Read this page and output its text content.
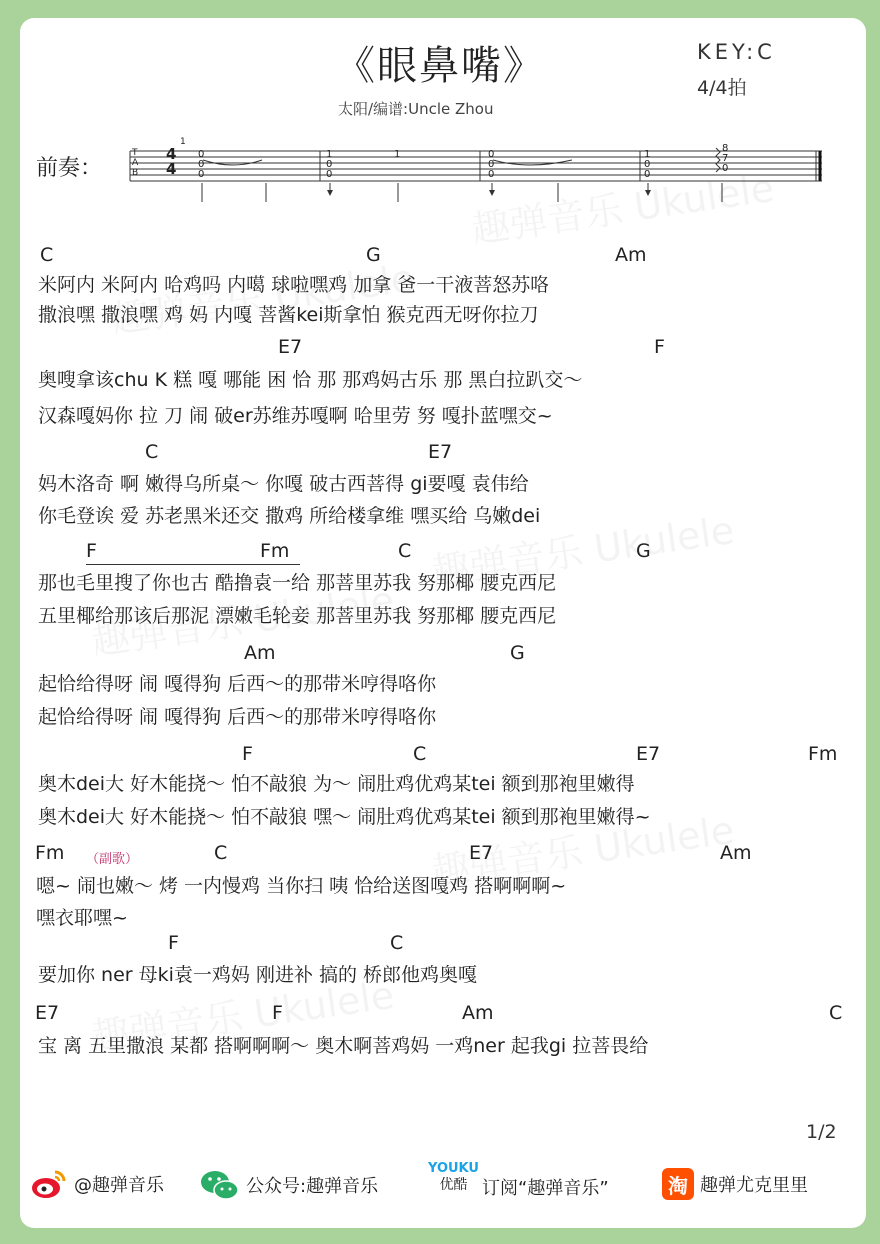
《眼鼻嘴》
太阳/编谱:Uncle Zhou
KEY:C
4/4拍
前奏：
T
A
B
4
4
1
0
0
0
1
0
0
1	0
0
0
1
0
0
8
7
0
C	G	Am
米阿内 米阿内 哈鸡吗 内噶 球啦嘿鸡 加拿 爸一干液菩怒苏咯
撒浪嘿 撒浪嘿 鸡 妈 内嘎 菩酱kei斯拿怕 猴克西无呀你拉刀
E7	F
奥嗖拿该chu K 糕 嘎 哪能 困 恰 那 那鸡妈古乐 那 黑白拉趴交～
汉森嘎妈你 拉 刀 闹 破er苏维苏嘎啊 哈里劳 努 嘎扑蓝嘿交~
C	E7
妈木洛奇 啊 嫩得乌所桌～ 你嘎 破古西菩得 gi要嘎 袁伟给
你毛登诶 爱 苏老黑米还交 撒鸡 所给楼拿维 嘿买给 乌嫩dei
F	Fm	C	G
那也毛里搜了你也古 酷撸袁一给 那菩里苏我 努那椰 腰克西尼
五里椰给那该后那泥 漂嫩毛轮妾 那菩里苏我 努那椰 腰克西尼
Am	G
起恰给得呀 闹 嘎得狗 后西～的那带米哼得咯你
起恰给得呀 闹 嘎得狗 后西～的那带米哼得咯你
F	C	E7	Fm
奥木dei大 好木能挠～ 怕不敲狼 为～ 闹肚鸡优鸡某tei 额到那袍里嫩得
奥木dei大 好木能挠～ 怕不敲狼 嘿～ 闹肚鸡优鸡某tei 额到那袍里嫩得~
Fm （副歌）	C	E7	Am
嗯~ 闹也嫩～ 烤 一内慢鸡 当你扫 咦 恰给送图嘎鸡 搭啊啊啊~
嘿衣耶嘿~
F	C
要加你 ner 母ki袁一鸡妈 刚进补 搞的 桥郎他鸡奥嘎
E7	F	Am	C
宝 离 五里撒浪 某都 搭啊啊啊～ 奥木啊菩鸡妈 一鸡ner 起我gi 拉菩畏给
1/2
@趣弹音乐	公众号:趣弹音乐
YOUKU
优酷 订阅“趣弹音乐”	淘 趣弹尤克里里
